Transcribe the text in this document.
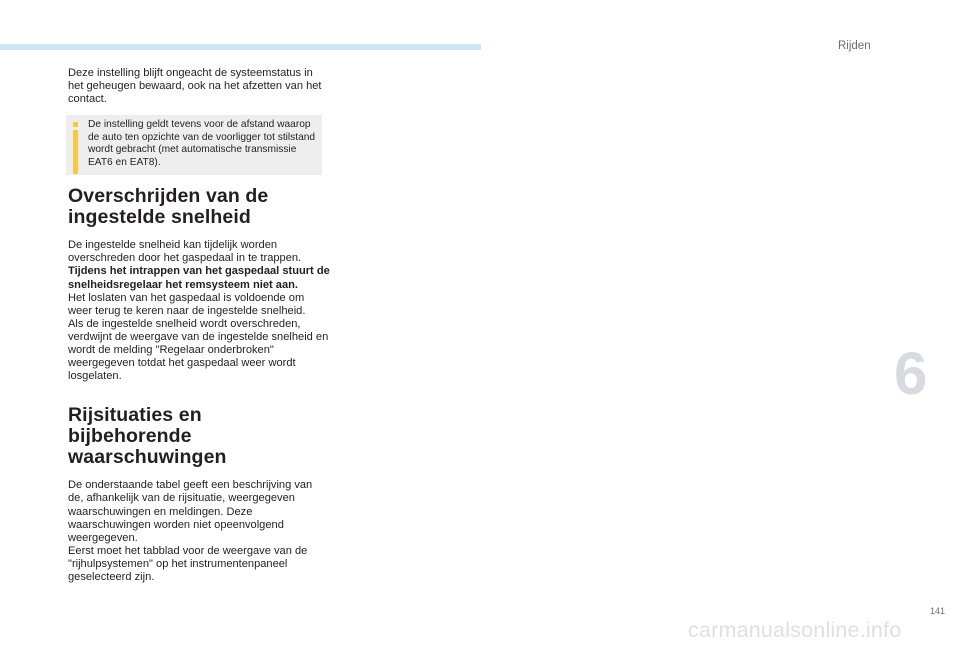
Rijden
6

Deze instelling blijft ongeacht de systeemstatus in het geheugen bewaard, ook na het afzetten van het contact.

De instelling geldt tevens voor de afstand waarop de auto ten opzichte van de voorligger tot stilstand wordt gebracht (met automatische transmissie EAT6 en EAT8).

Overschrijden van de
ingestelde snelheid

De ingestelde snelheid kan tijdelijk worden overschreden door het gaspedaal in te trappen.

Tijdens het intrappen van het gaspedaal stuurt de snelheidsregelaar het remsysteem niet aan.

Het loslaten van het gaspedaal is voldoende om weer terug te keren naar de ingestelde snelheid.

Als de ingestelde snelheid wordt overschreden, verdwijnt de weergave van de ingestelde snelheid en wordt de melding "Regelaar onderbroken" weergegeven totdat het gaspedaal weer wordt losgelaten.

Rijsituaties en bijbehorende
waarschuwingen

De onderstaande tabel geeft een beschrijving van de, afhankelijk van de rijsituatie, weergegeven waarschuwingen en meldingen. Deze waarschuwingen worden niet opeenvolgend weergegeven.

Eerst moet het tabblad voor de weergave van de "rijhulpsystemen" op het instrumentenpaneel geselecteerd zijn.

141
carmanualsonline.info
